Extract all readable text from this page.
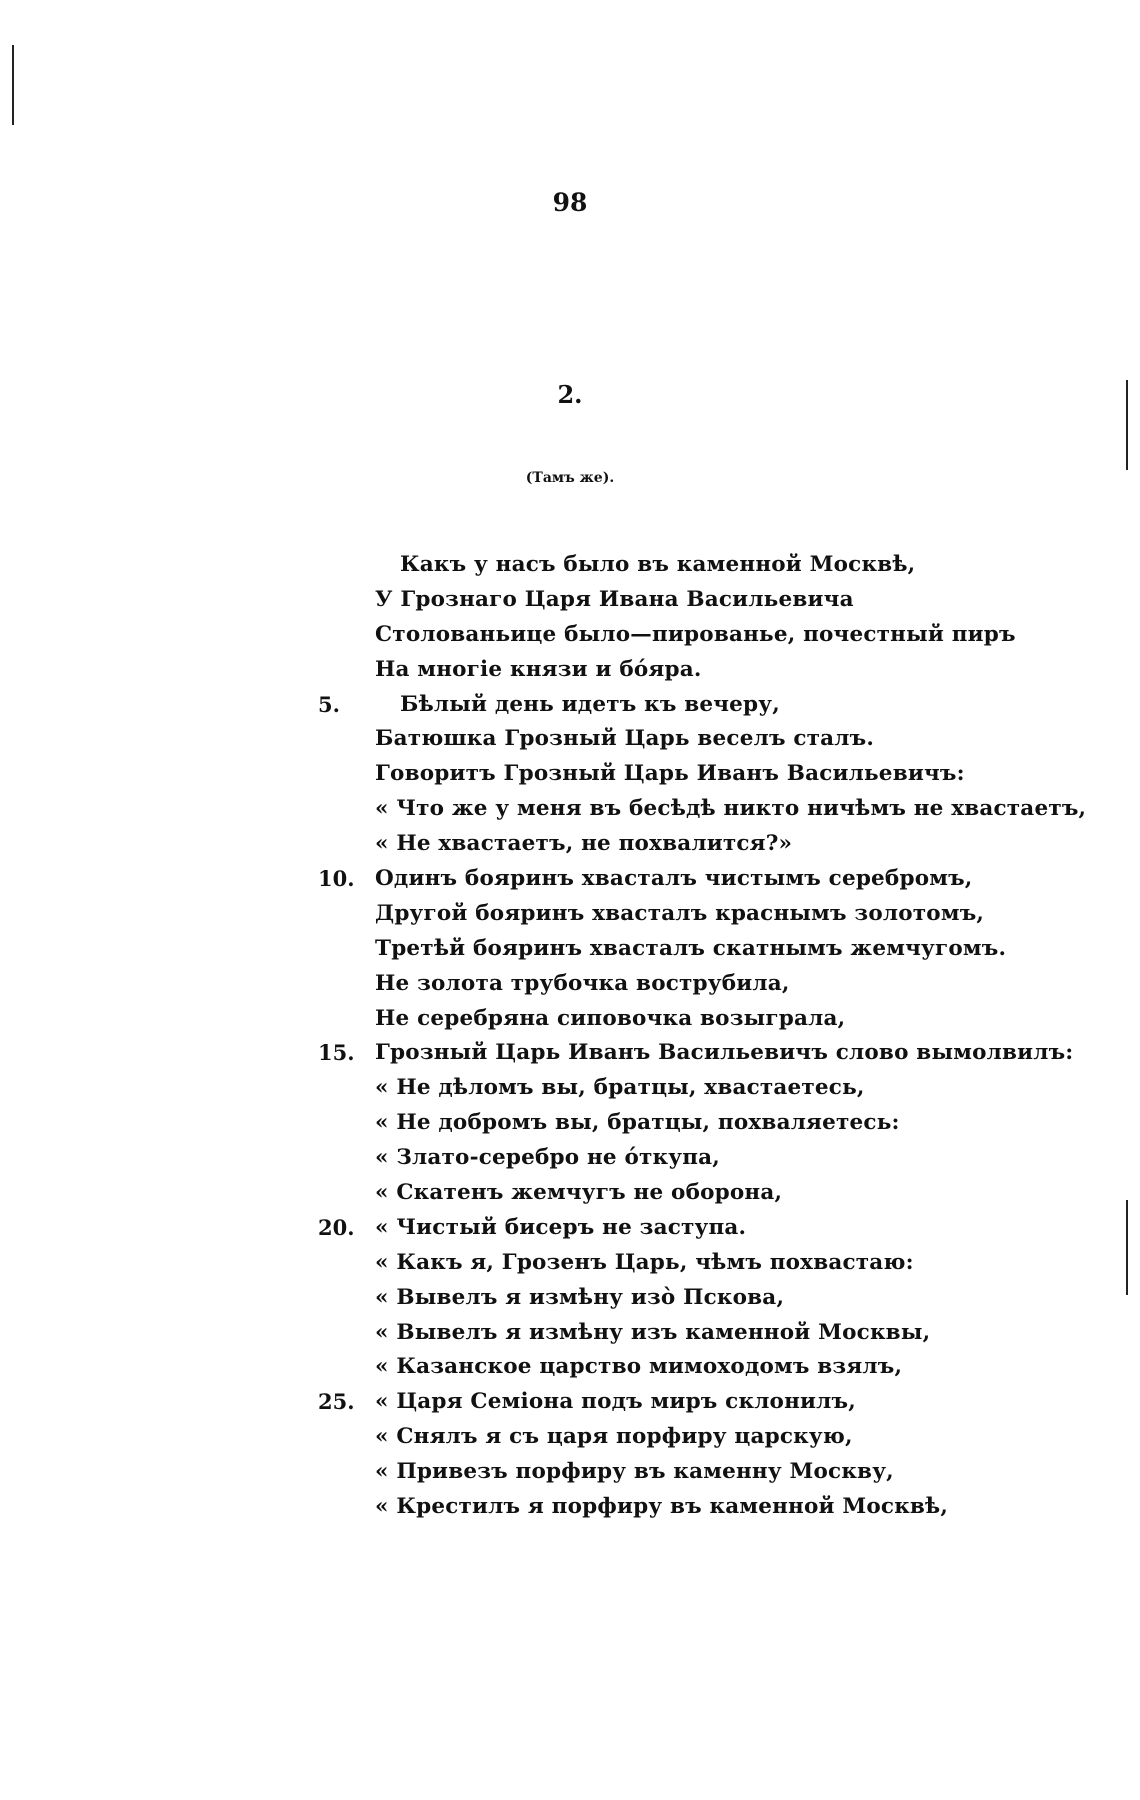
98
2.
(Тамъ же).
Какъ у насъ было въ каменной Москвѣ,
У Грознаго Царя Ивана Васильевича
Столованьице было—пированье, почестный пиръ
На многіе князи и бо́яра.
5.	Бѣлый день идетъ къ вечеру,
Батюшка Грозный Царь веселъ сталъ.
Говоритъ Грозный Царь Иванъ Васильевичъ:
« Что же у меня въ бесѣдѣ никто ничѣмъ не хвастаетъ,
« Не хвастаетъ, не похвалится?»
10. Одинъ бояринъ хвасталъ чистымъ серебромъ,
Другой бояринъ хвасталъ краснымъ золотомъ,
Третѣй бояринъ хвасталъ скатнымъ жемчугомъ.
Не золота трубочка вострубила,
Не серебряна сиповочка возыграла,
15. Грозный Царь Иванъ Васильевичъ слово вымолвилъ:
« Не дѣломъ вы, братцы, хвастаетесь,
« Не добромъ вы, братцы, похваляетесь:
« Злато-серебро не о́ткупа,
« Скатенъ жемчугъ не оборона,
20. « Чистый бисеръ не заступа.
« Какъ я, Грозенъ Царь, чѣмъ похвастаю:
« Вывелъ я измѣну изо̀ Пскова,
« Вывелъ я измѣну изъ каменной Москвы,
« Казанское царство мимоходомъ взялъ,
25. « Царя Семіона подъ миръ склонилъ,
« Снялъ я съ царя порфиру царскую,
« Привезъ порфиру въ каменну Москву,
« Крестилъ я порфиру въ каменной Москвѣ,
